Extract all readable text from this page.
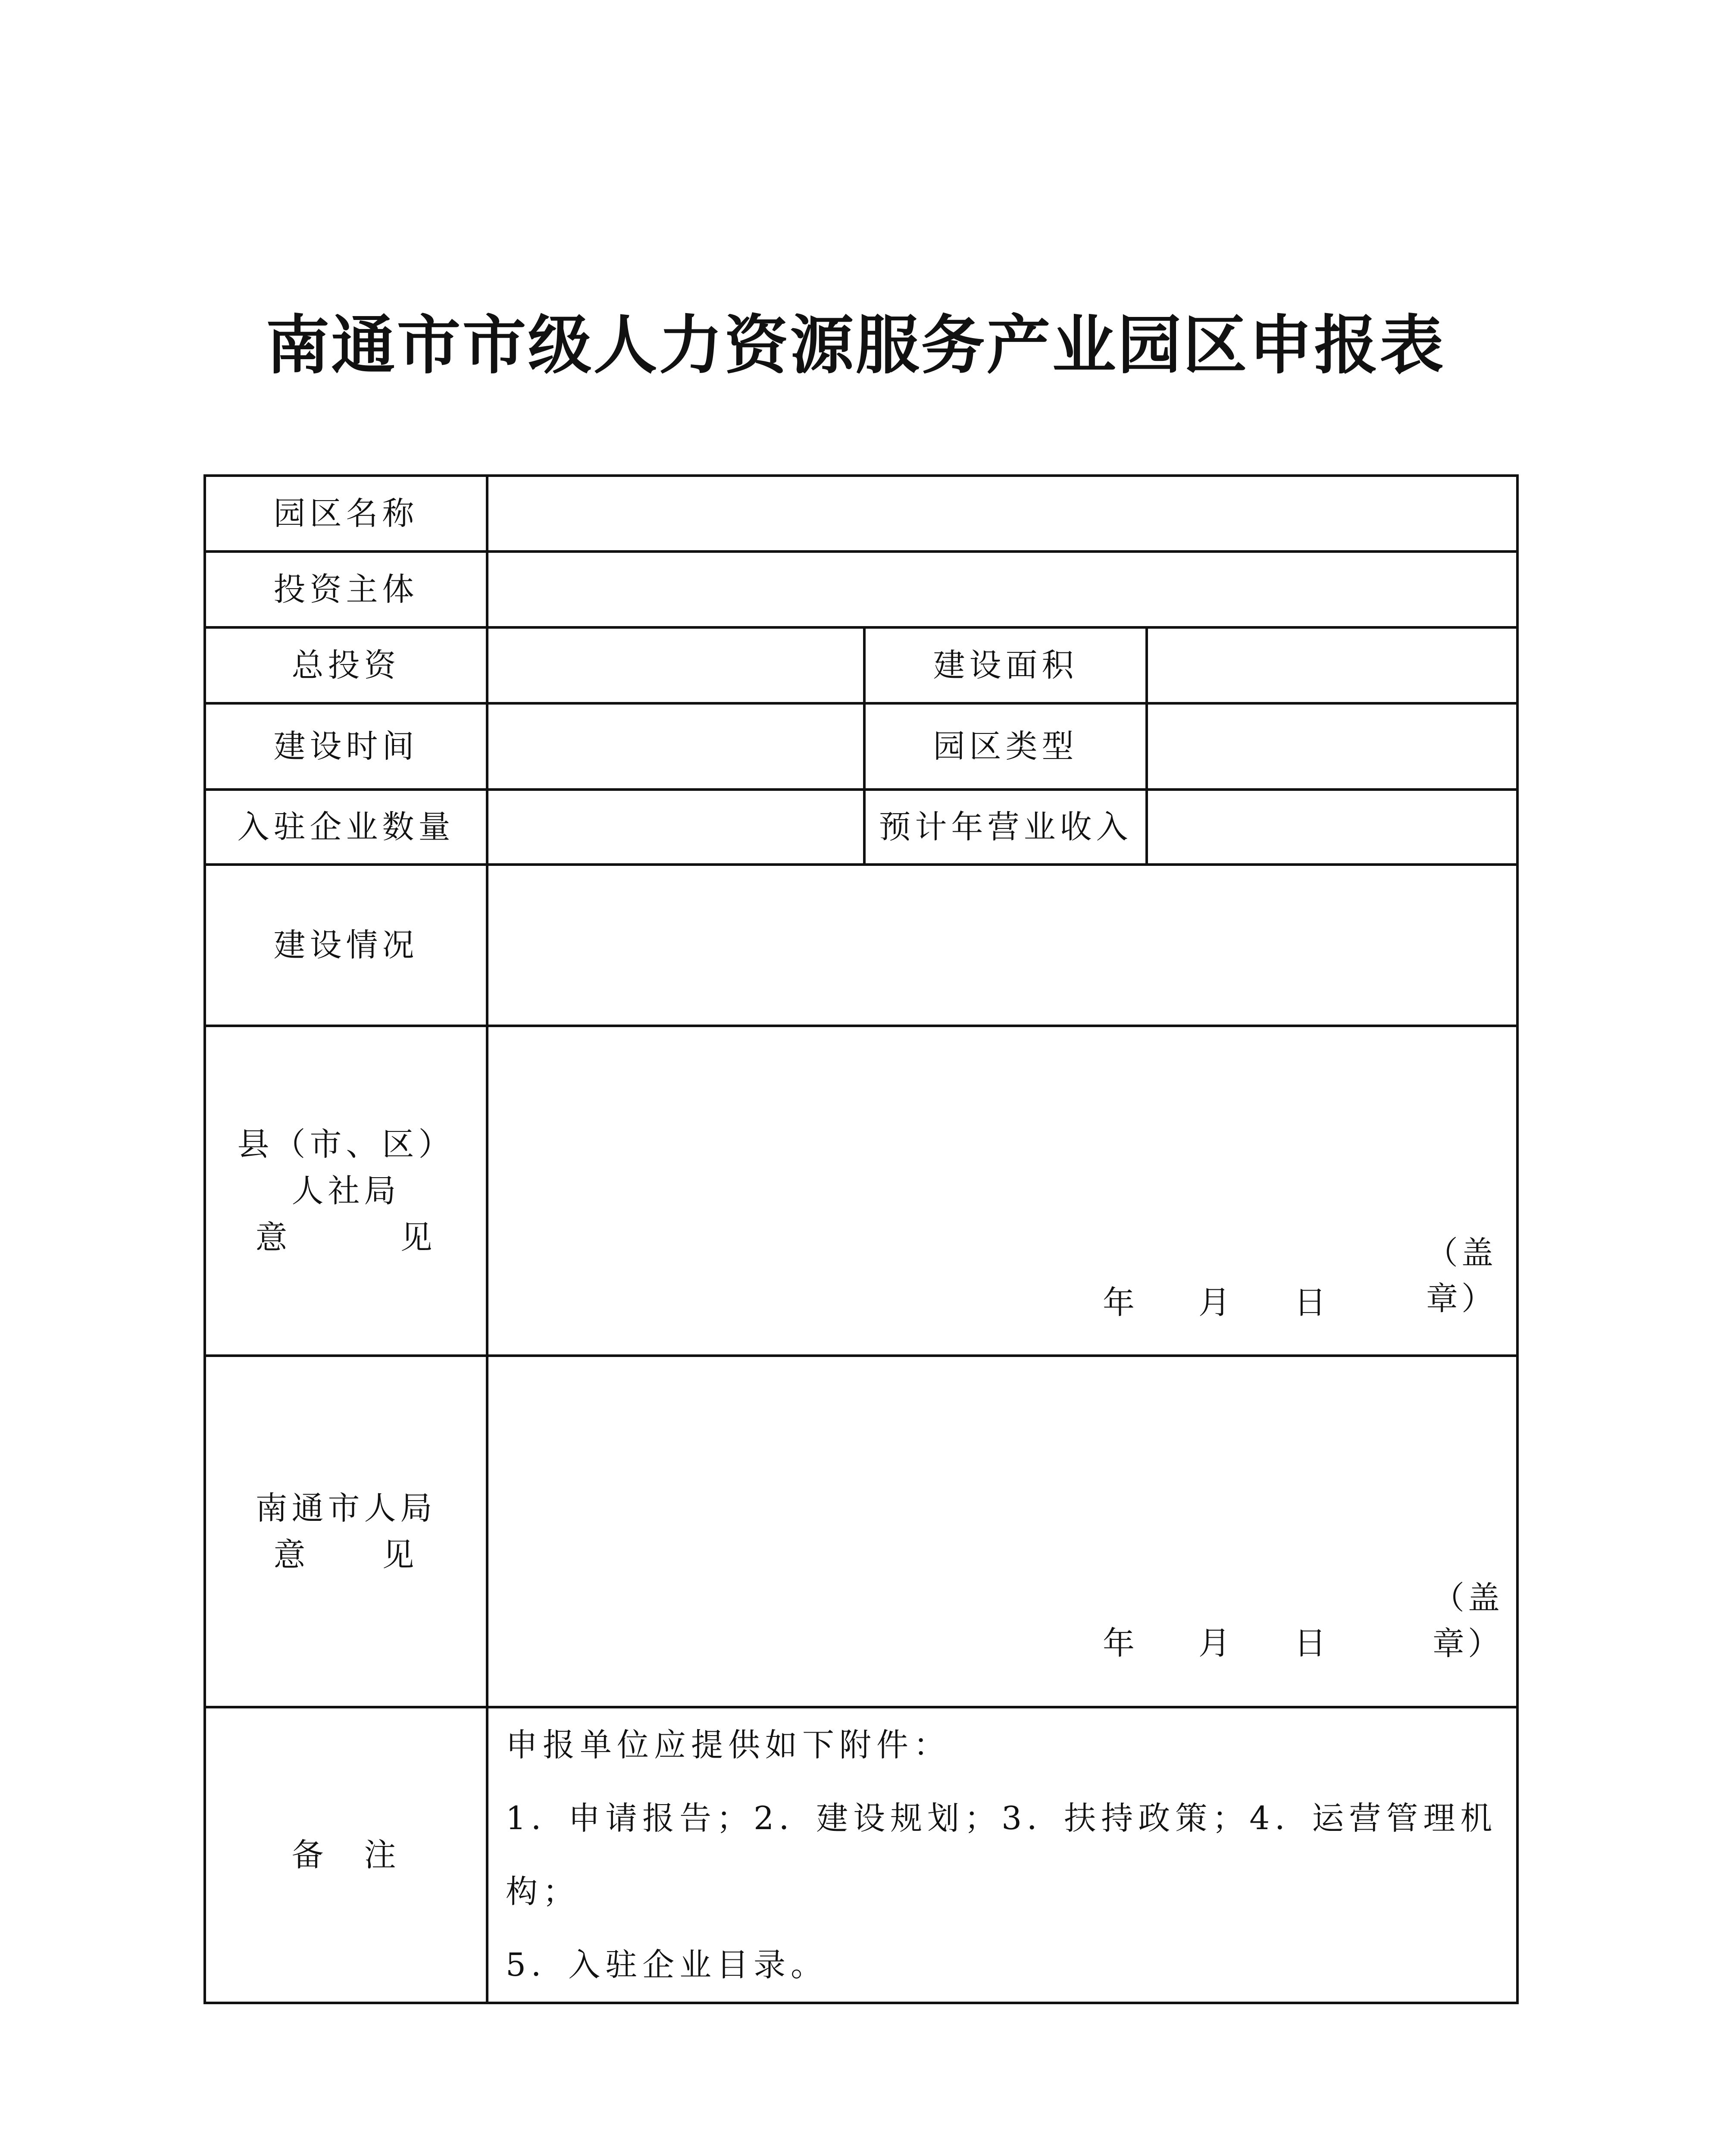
南通市市级人力资源服务产业园区申报表
园区名称			
投资主体			
总投资		建设面积	
建设时间		园区类型	
入驻企业数量		预计年营业收入	
建设情况			

县（市、区）
人社局
意　　　见	（盖章）
年　　月　　日		

南通市人局
意　　见	（盖章）
年　　月　　日		

备　注	申报单位应提供如下附件：
1．申请报告；2．建设规划；3．扶持政策；4．运营管理机构；
5．入驻企业目录。		
